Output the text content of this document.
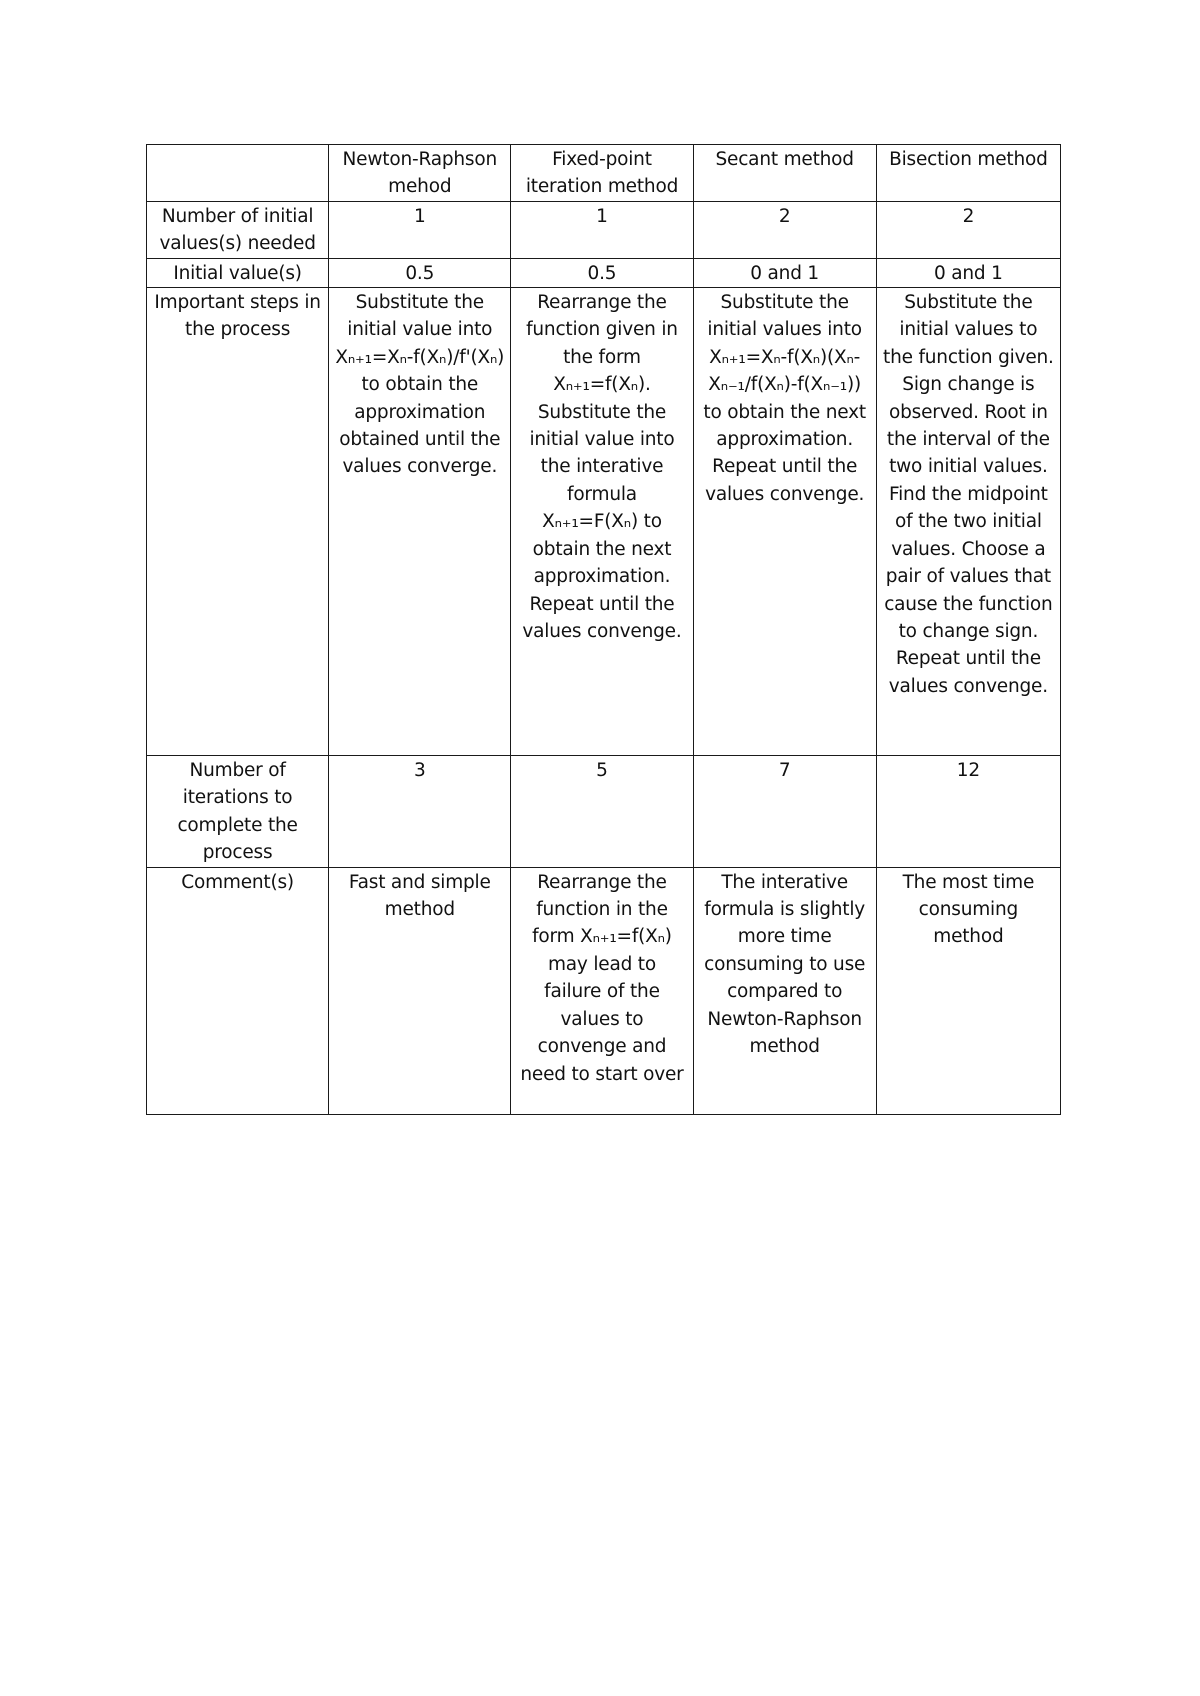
	Newton-Raphson mehod	Fixed-point iteration method	Secant method	Bisection method

Number of initial values(s) needed	1	1	2	2

Initial value(s)	0.5	0.5	0 and 1	0 and 1

Important steps in the process	Substitute the initial value into Xₙ₊₁=Xₙ-f(Xₙ)/f'(Xₙ) to obtain the approximation obtained until the values converge.	Rearrange the function given in the form Xₙ₊₁=f(Xₙ). Substitute the initial value into the interative formula Xₙ₊₁=F(Xₙ) to obtain the next approximation. Repeat until the values convenge.	Substitute the initial values into Xₙ₊₁=Xₙ-f(Xₙ)(Xₙ-Xₙ₋₁/f(Xₙ)-f(Xₙ₋₁)) to obtain the next approximation. Repeat until the values convenge.	Substitute the initial values to the function given. Sign change is observed. Root in the interval of the two initial values. Find the midpoint of the two initial values. Choose a pair of values that cause the function to change sign. Repeat until the values convenge.

Number of iterations to complete the process	3	5	7	12

Comment(s)	Fast and simple method	Rearrange the function in the form Xₙ₊₁=f(Xₙ) may lead to failure of the values to convenge and need to start over	The interative formula is slightly more time consuming to use compared to Newton-Raphson method	The most time consuming method
